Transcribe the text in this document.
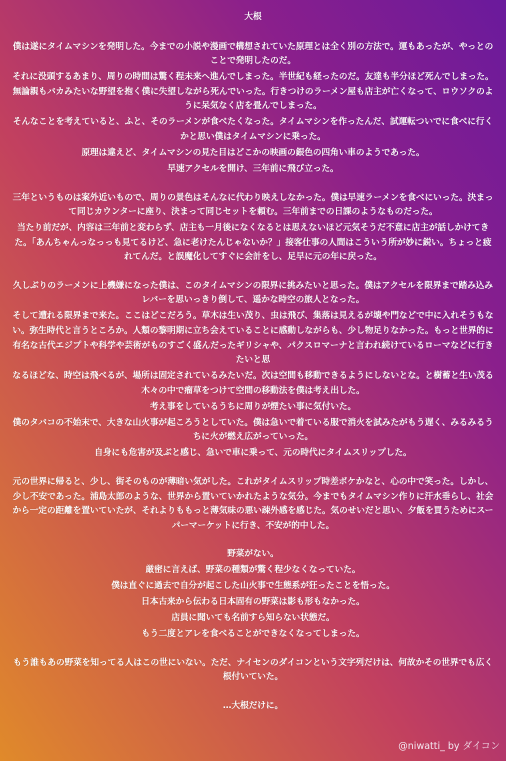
大根
僕は遂にタイムマシンを発明した。今までの小説や漫画で構想されていた原理とは全く別の方法で。運もあったが、やっとのことで発明したのだ。
それに没頭するあまり、周りの時間は驚く程未来へ進んでしまった。半世紀も経ったのだ。友達も半分ほど死んでしまった。無論親もバカみたいな野望を抱く僕に失望しながら死んでいった。行きつけのラーメン屋も店主が亡くなって、ロウソクのように呆気なく店を畳んでしまった。
そんなことを考えていると、ふと、そのラーメンが食べたくなった。タイムマシンを作ったんだ、試運転ついでに食べに行くかと思い僕はタイムマシンに乗った。
原理は違えど、タイムマシンの見た目はどこかの映画の銀色の四角い車のようであった。
早速アクセルを開け、三年前に飛び立った。
三年というものは案外近いもので、周りの景色はそんなに代わり映えしなかった。僕は早速ラーメンを食べにいった。決まって同じカウンターに座り、決まって同じセットを頼む。三年前までの日課のようなものだった。
当たり前だが、内容は三年前と変わらず、店主も一月後になくなるとは思えないほど元気そうだ不意に店主が話しかけてきた。「あんちゃんっなっっも見てるけど、急に老けたんじゃないか？」接客仕事の人間はこういう所が妙に鋭い。ちょっと疲れてんだ。と誤魔化してすぐに会計をし、足早に元の年に戻った。
久しぶりのラーメンに上機嫌になった僕は、このタイムマシンの限界に挑みたいと思った。僕はアクセルを限界まで踏み込みレバーを思いっきり倒して、遥かな時空の旅人となった。
そして遭れる限界まで来た。ここはどこだろう。草木は生い茂り、虫は飛び、集落は見えるが壊や門などで中に入れそうもない。弥生時代と言うところか。人類の黎明期に立ち会えていることに感動しながらも、少し物足りなかった。もっと世界的に有名な古代エジプトや科学や芸術がものすごく盛んだったギリシャや、パクスロマーナと言われ続けているローマなどに行きたいと思
なるほどな、時空は飛べるが、場所は固定されているみたいだ。次は空間も移動できるようにしないとな。と樹蓄と生い茂る木々の中で瘤草をつけて空間の移動法を僕は考え出した。
考え事をしているうちに周りが煙たい事に気付いた。
僕のタバコの不始末で、大きな山火事が起ころうとしていた。僕は急いで着ている服で消火を試みたがもう遅く、みるみるうちに火が燃え広がっていった。
自身にも危害が及ぶと感じ、急いで車に乗って、元の時代にタイムスリップした。
元の世界に帰ると、少し、街そのものが薄暗い気がした。これがタイムスリップ時差ボケかなと、心の中で笑った。しかし、少し不安であった。浦島太郎のような、世界から置いていかれたような気分。今までもタイムマシン作りに汗水垂らし、社会から一定の距離を置いていたが、それよりももっと薄気味の悪い疎外感を感じた。気のせいだと思い、夕飯を買うためにスーパーマーケットに行き、不安が的中した。
野菜がない。
厳密に言えば、野菜の種類が驚く程少なくなっていた。
僕は直ぐに過去で自分が起こした山火事で生態系が狂ったことを悟った。
日本古来から伝わる日本固有の野菜は影も形もなかった。
店員に聞いても名前すら知らない状態だ。
もう二度とアレを食べることができなくなってしまった。
もう誰もあの野菜を知ってる人はこの世にいない。ただ、ナイセンのダイコンという文字列だけは、何故かその世界でも広く根付いていた。
…大根だけに。
@niwatti_ by ダイコン
